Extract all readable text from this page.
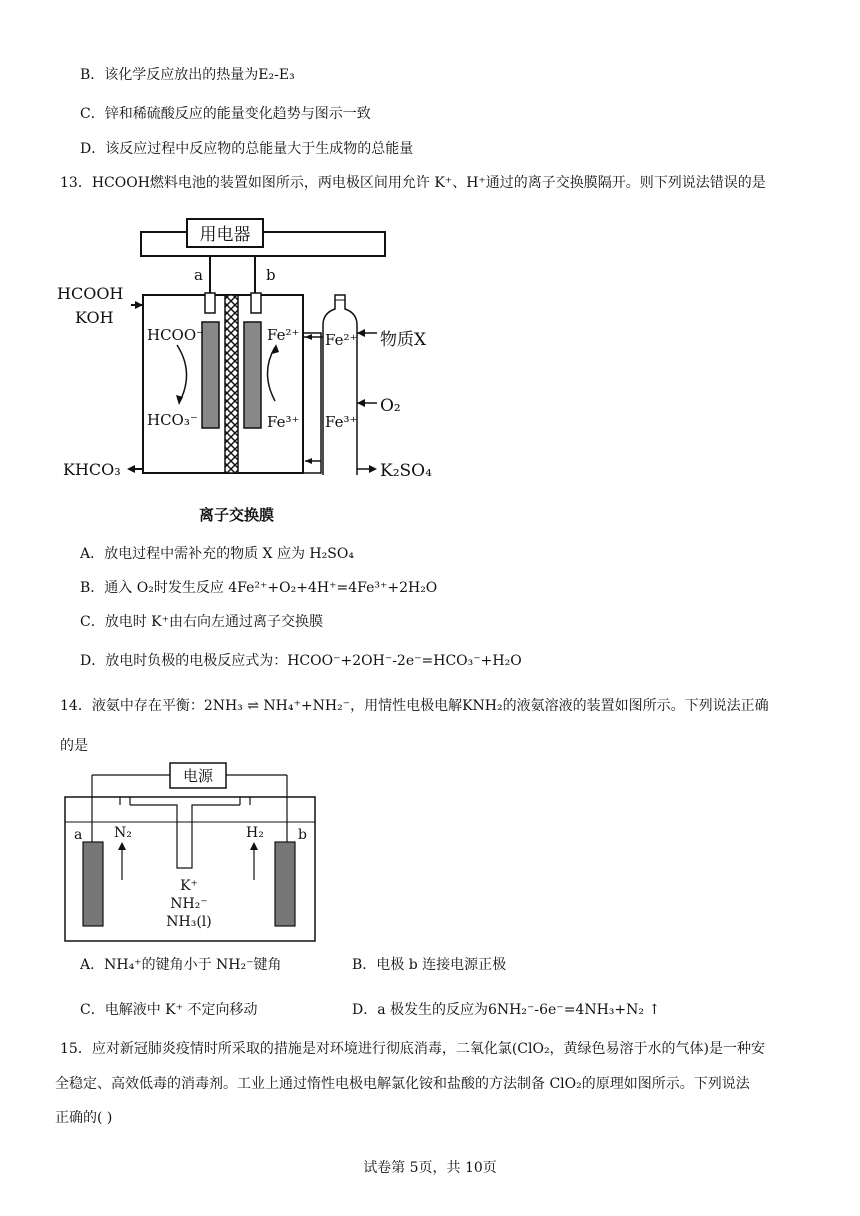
B．该化学反应放出的热量为E₂-E₃
C．锌和稀硫酸反应的能量变化趋势与图示一致
D．该反应过程中反应物的总能量大于生成物的总能量
13．HCOOH燃料电池的装置如图所示，两电极区间用允许 K⁺、H⁺通过的离子交换膜隔开。则下列说法错误的是
用电器
a	b
HCOOH
KOH
KHCO₃
HCOO⁻
HCO₃⁻
Fe²⁺
Fe³⁺
Fe²⁺
Fe³⁺
物质X
O₂
K₂SO₄
离子交换膜
A．放电过程中需补充的物质 X 应为 H₂SO₄
B．通入 O₂时发生反应 4Fe²⁺+O₂+4H⁺=4Fe³⁺+2H₂O
C．放电时 K⁺由右向左通过离子交换膜
D．放电时负极的电极反应式为：HCOO⁻+2OH⁻-2e⁻=HCO₃⁻+H₂O
14．液氨中存在平衡：2NH₃ ⇌ NH₄⁺+NH₂⁻，用情性电极电解KNH₂的液氨溶液的装置如图所示。下列说法正确
的是
电源
a	b
N₂	H₂
K⁺
NH₂⁻
NH₃(l)
A．NH₄⁺的键角小于 NH₂⁻键角	B．电极 b 连接电源正极
C．电解液中 K⁺ 不定向移动	D．a 极发生的反应为6NH₂⁻-6e⁻=4NH₃+N₂ ↑
15．应对新冠肺炎疫情时所采取的措施是对环境进行彻底消毒，二氧化氯(ClO₂，黄绿色易溶于水的气体)是一种安
全稳定、高效低毒的消毒剂。工业上通过惰性电极电解氯化铵和盐酸的方法制备 ClO₂的原理如图所示。下列说法
正确的( )
试卷第 5页，共 10页
